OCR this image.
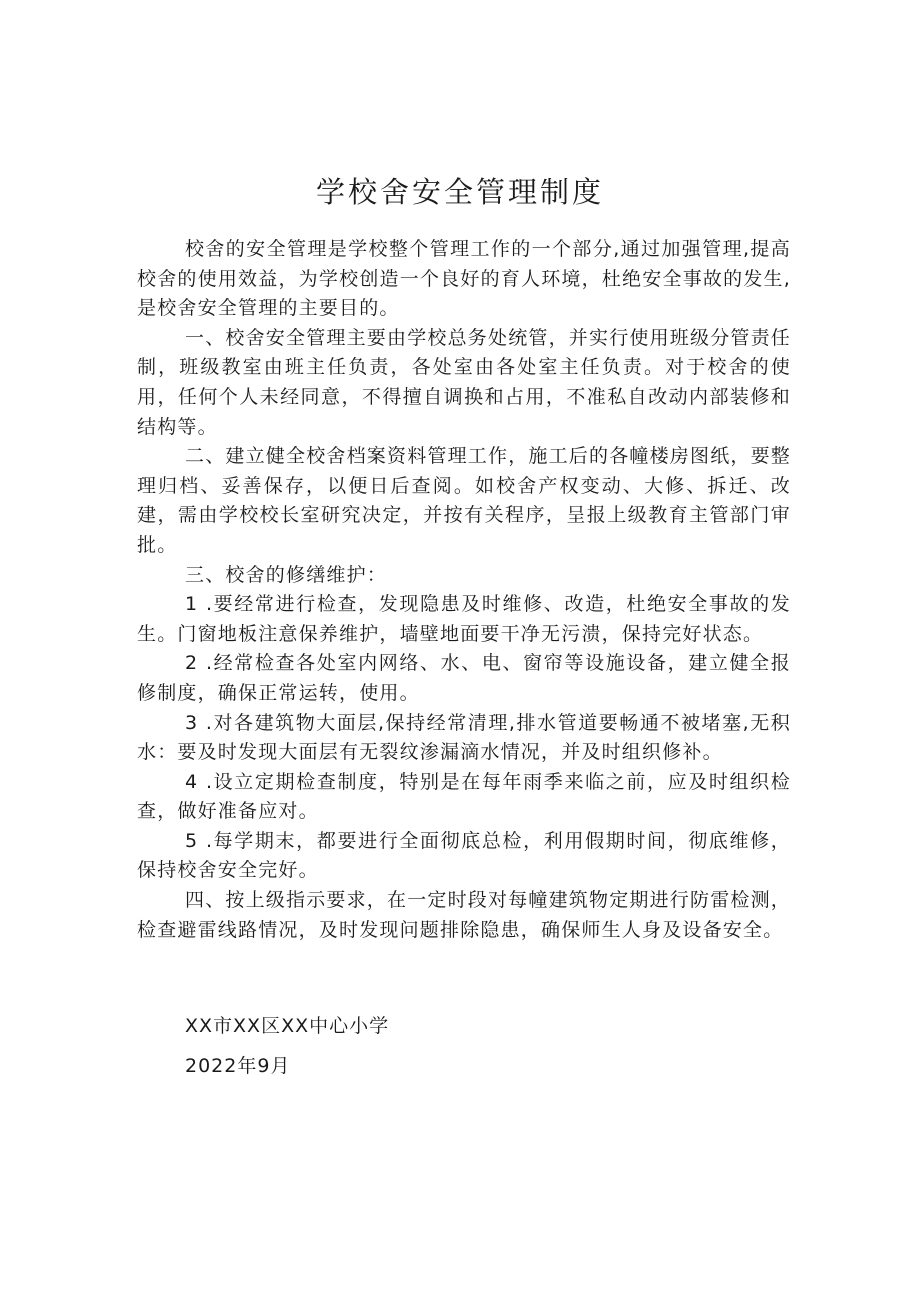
学校舍安全管理制度

校舍的安全管理是学校整个管理工作的一个部分,通过加强管理,提高校舍的使用效益，为学校创造一个良好的育人环境，杜绝安全事故的发生,是校舍安全管理的主要目的。

一、校舍安全管理主要由学校总务处统管，并实行使用班级分管责任制，班级教室由班主任负责，各处室由各处室主任负责。对于校舍的使用，任何个人未经同意，不得擅自调换和占用，不准私自改动内部装修和结构等。

二、建立健全校舍档案资料管理工作，施工后的各幢楼房图纸，要整理归档、妥善保存，以便日后查阅。如校舍产权变动、大修、拆迁、改建，需由学校校长室研究决定，并按有关程序，呈报上级教育主管部门审批。

三、校舍的修缮维护：

1 .要经常进行检查，发现隐患及时维修、改造，杜绝安全事故的发生。门窗地板注意保养维护，墙壁地面要干净无污溃，保持完好状态。

2 .经常检查各处室内网络、水、电、窗帘等设施设备，建立健全报修制度，确保正常运转，使用。

3 .对各建筑物大面层,保持经常清理,排水管道要畅通不被堵塞,无积水：要及时发现大面层有无裂纹渗漏滴水情况，并及时组织修补。

4 .设立定期检查制度，特别是在每年雨季来临之前，应及时组织检查，做好准备应对。

5 .每学期末，都要进行全面彻底总检，利用假期时间，彻底维修，保持校舍安全完好。

四、按上级指示要求，在一定时段对每幢建筑物定期进行防雷检测，检查避雷线路情况，及时发现问题排除隐患，确保师生人身及设备安全。

XX市XX区XX中心小学
2022年9月
